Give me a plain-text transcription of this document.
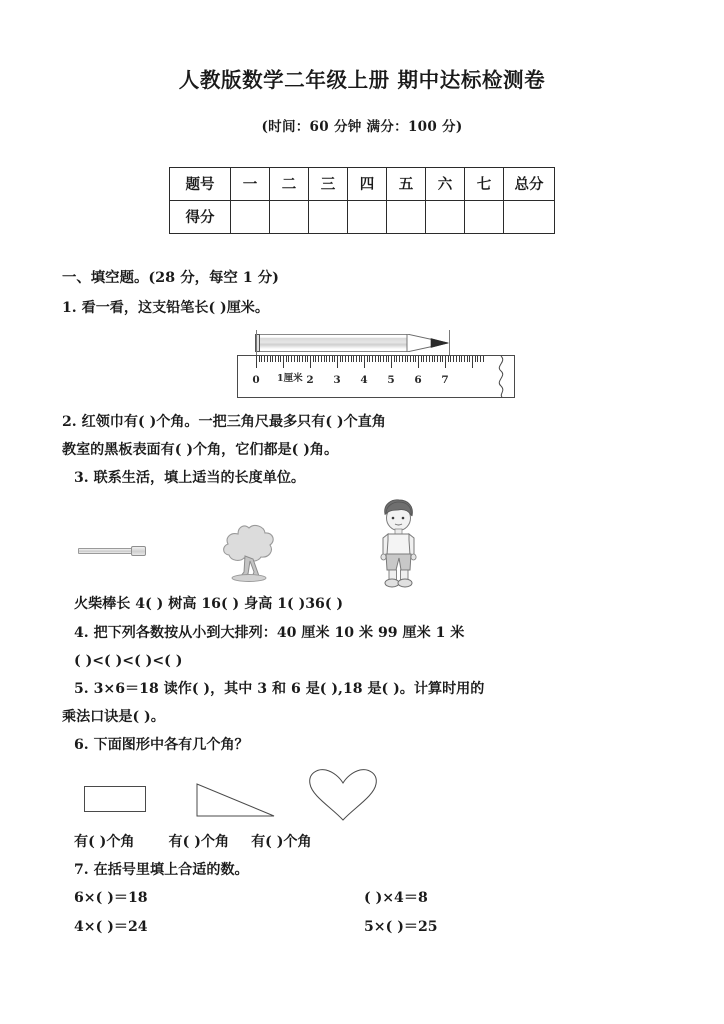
人教版数学二年级上册 期中达标检测卷

(时间：60 分钟 满分：100 分)

题号	一	二	三	四	五	六	七	总分
得分								

一、填空题。(28 分，每空 1 分)

1. 看一看，这支铅笔长( )厘米。

0 1厘米 2 3 4 5 6 7

2. 红领巾有( )个角。一把三角尺最多只有( )个直角

教室的黑板表面有( )个角，它们都是( )角。

3. 联系生活，填上适当的长度单位。

火柴棒长 4( ) 树高 16( ) 身高 1( )36( )

4. 把下列各数按从小到大排列：40 厘米 10 米 99 厘米 1 米

( )<( )<( )<( )

5. 3×6＝18 读作( )，其中 3 和 6 是( ),18 是( )。计算时用的

乘法口诀是( )。

6. 下面图形中各有几个角？

有( )个角 有( )个角 有( )个角

7. 在括号里填上合适的数。

6×( )＝18	( )×4＝8
4×( )＝24	5×( )＝25
